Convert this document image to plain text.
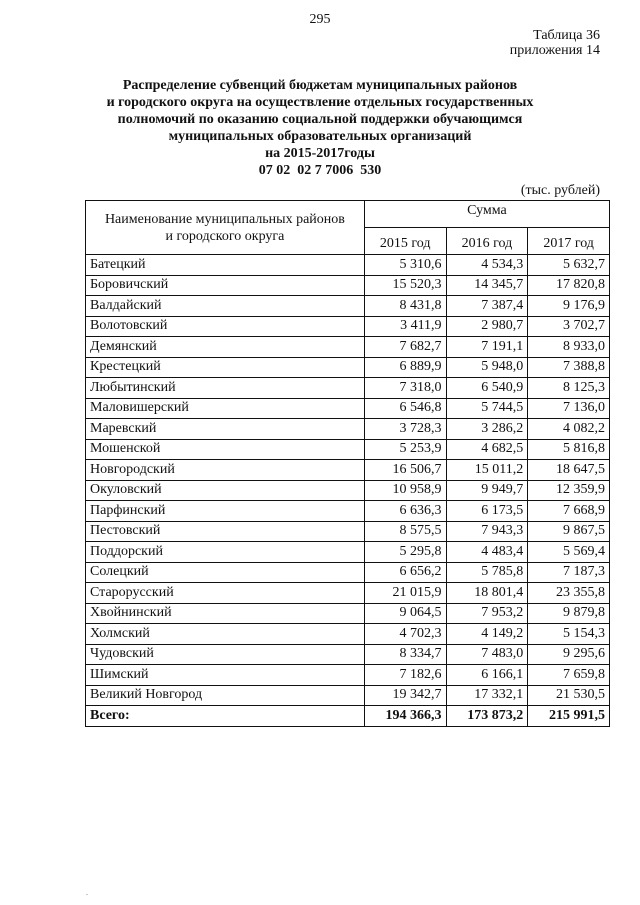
295
Таблица 36
приложения 14
Распределение субвенций бюджетам муниципальных районов
и городского округа на осуществление отдельных государственных
полномочий по оказанию социальной поддержки обучающимся
муниципальных образовательных организаций
на 2015-2017годы
07 02  02 7 7006  530
(тыс. рублей)
Наименование муниципальных районов
и городского округа	Сумма		
	2015 год	2016 год	2017 год
Батецкий	5 310,6	4 534,3	5 632,7
Боровичский	15 520,3	14 345,7	17 820,8
Валдайский	8 431,8	7 387,4	9 176,9
Волотовский	3 411,9	2 980,7	3 702,7
Демянский	7 682,7	7 191,1	8 933,0
Крестецкий	6 889,9	5 948,0	7 388,8
Любытинский	7 318,0	6 540,9	8 125,3
Маловишерский	6 546,8	5 744,5	7 136,0
Маревский	3 728,3	3 286,2	4 082,2
Мошенской	5 253,9	4 682,5	5 816,8
Новгородский	16 506,7	15 011,2	18 647,5
Окуловский	10 958,9	9 949,7	12 359,9
Парфинский	6 636,3	6 173,5	7 668,9
Пестовский	8 575,5	7 943,3	9 867,5
Поддорский	5 295,8	4 483,4	5 569,4
Солецкий	6 656,2	5 785,8	7 187,3
Старорусский	21 015,9	18 801,4	23 355,8
Хвойнинский	9 064,5	7 953,2	9 879,8
Холмский	4 702,3	4 149,2	5 154,3
Чудовский	8 334,7	7 483,0	9 295,6
Шимский	7 182,6	6 166,1	7 659,8
Великий Новгород	19 342,7	17 332,1	21 530,5
Всего:	194 366,3	173 873,2	215 991,5
.
